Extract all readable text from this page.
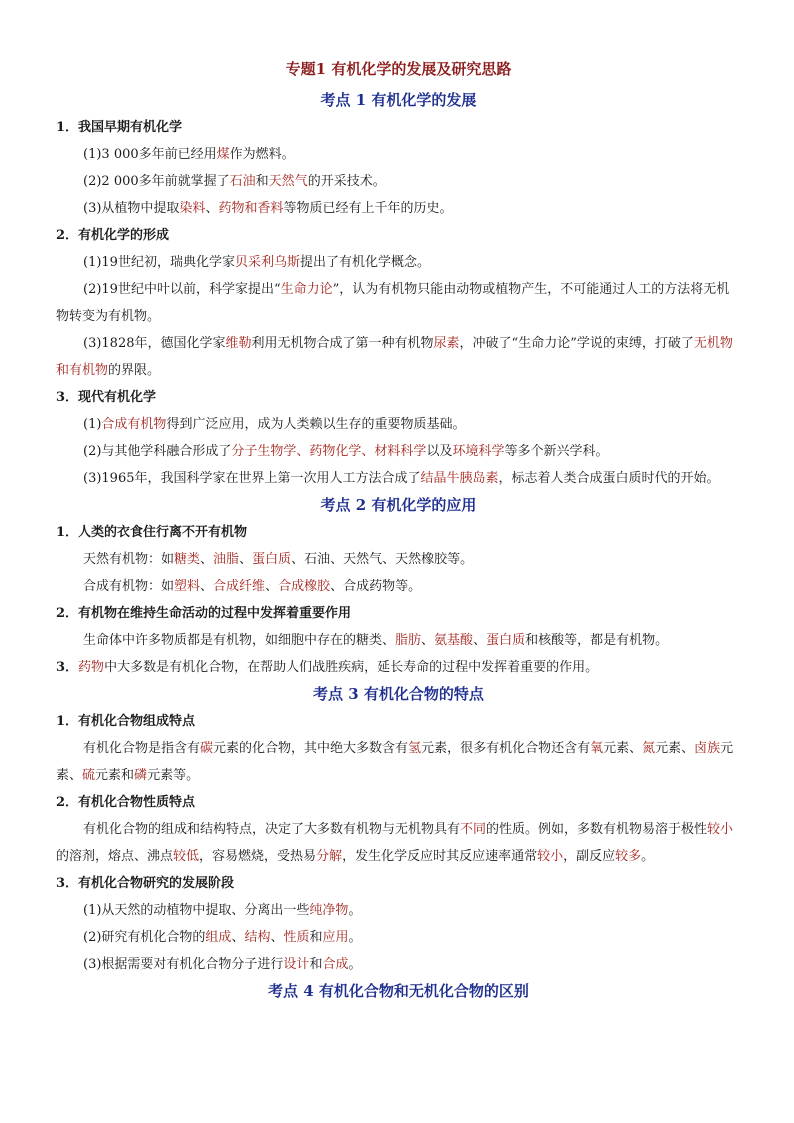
专题1 有机化学的发展及研究思路
考点 1 有机化学的发展
1．我国早期有机化学
(1)3 000多年前已经用煤作为燃料。
(2)2 000多年前就掌握了石油和天然气的开采技术。
(3)从植物中提取染料、药物和香料等物质已经有上千年的历史。
2．有机化学的形成
(1)19世纪初，瑞典化学家贝采利乌斯提出了有机化学概念。
(2)19世纪中叶以前，科学家提出“生命力论”，认为有机物只能由动物或植物产生，不可能通过人工的方法将无机物转变为有机物。
(3)1828年，德国化学家维勒利用无机物合成了第一种有机物尿素，冲破了“生命力论”学说的束缚，打破了无机物和有机物的界限。
3．现代有机化学
(1)合成有机物得到广泛应用，成为人类赖以生存的重要物质基础。
(2)与其他学科融合形成了分子生物学、药物化学、材料科学以及环境科学等多个新兴学科。
(3)1965年，我国科学家在世界上第一次用人工方法合成了结晶牛胰岛素，标志着人类合成蛋白质时代的开始。
考点 2 有机化学的应用
1．人类的衣食住行离不开有机物
天然有机物：如糖类、油脂、蛋白质、石油、天然气、天然橡胶等。
合成有机物：如塑料、合成纤维、合成橡胶、合成药物等。
2．有机物在维持生命活动的过程中发挥着重要作用
生命体中许多物质都是有机物，如细胞中存在的糖类、脂肪、氨基酸、蛋白质和核酸等，都是有机物。
3．药物中大多数是有机化合物，在帮助人们战胜疾病，延长寿命的过程中发挥着重要的作用。
考点 3 有机化合物的特点
1．有机化合物组成特点
有机化合物是指含有碳元素的化合物，其中绝大多数含有氢元素，很多有机化合物还含有氧元素、氮元素、卤族元素、硫元素和磷元素等。
2．有机化合物性质特点
有机化合物的组成和结构特点，决定了大多数有机物与无机物具有不同的性质。例如，多数有机物易溶于极性较小的溶剂，熔点、沸点较低，容易燃烧，受热易分解，发生化学反应时其反应速率通常较小，副反应较多。
3．有机化合物研究的发展阶段
(1)从天然的动植物中提取、分离出一些纯净物。
(2)研究有机化合物的组成、结构、性质和应用。
(3)根据需要对有机化合物分子进行设计和合成。
考点 4 有机化合物和无机化合物的区别
